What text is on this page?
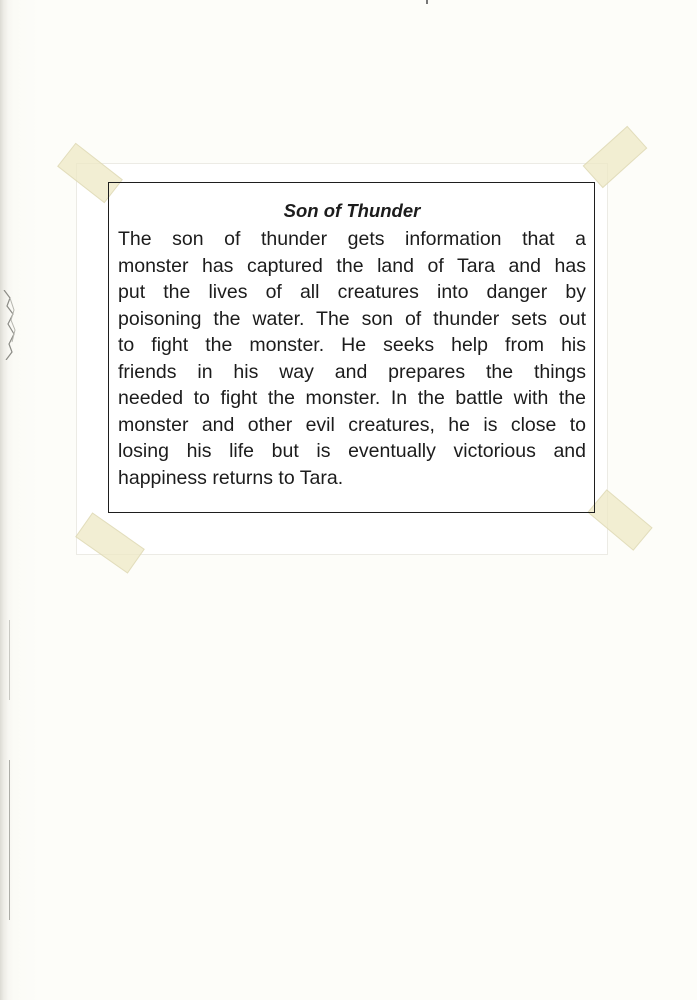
Son of Thunder
The son of thunder gets information that a
monster has captured the land of Tara and has
put the lives of all creatures into danger by
poisoning the water. The son of thunder sets out
to fight the monster. He seeks help from his
friends in his way and prepares the things
needed to fight the monster. In the battle with the
monster and other evil creatures, he is close to
losing his life but is eventually victorious and
happiness returns to Tara.
